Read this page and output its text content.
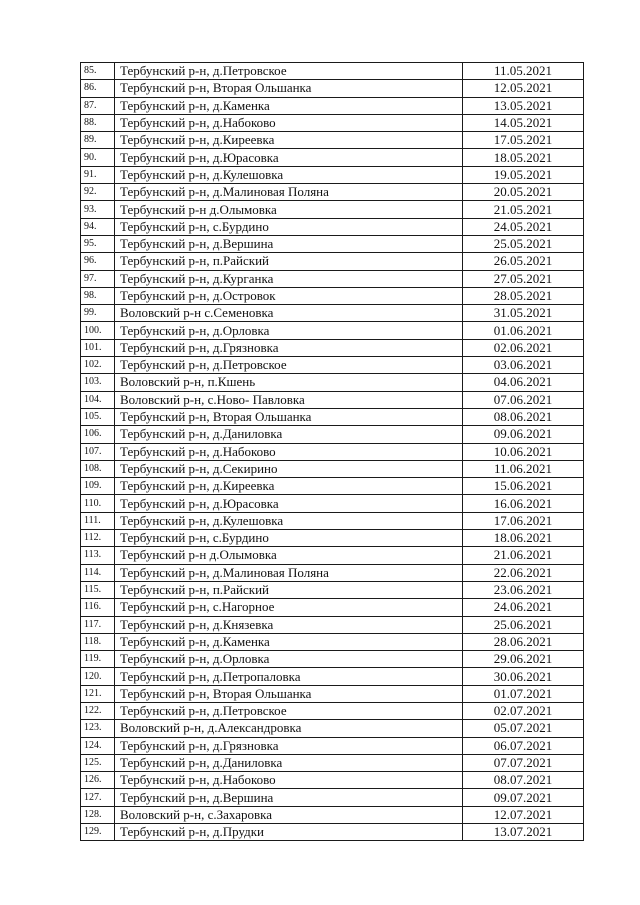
85.	Тербунский р-н, д.Петровское	11.05.2021
86.	Тербунский р-н, Вторая Ольшанка	12.05.2021
87.	Тербунский р-н, д.Каменка	13.05.2021
88.	Тербунский р-н, д.Набоково	14.05.2021
89.	Тербунский р-н, д.Киреевка	17.05.2021
90.	Тербунский р-н, д.Юрасовка	18.05.2021
91.	Тербунский р-н, д.Кулешовка	19.05.2021
92.	Тербунский р-н, д.Малиновая Поляна	20.05.2021
93.	Тербунский р-н д.Олымовка	21.05.2021
94.	Тербунский р-н, с.Бурдино	24.05.2021
95.	Тербунский р-н, д.Вершина	25.05.2021
96.	Тербунский р-н, п.Райский	26.05.2021
97.	Тербунский р-н, д.Курганка	27.05.2021
98.	Тербунский р-н, д.Островок	28.05.2021
99.	Воловский р-н с.Семеновка	31.05.2021
100.	Тербунский р-н, д.Орловка	01.06.2021
101.	Тербунский р-н, д.Грязновка	02.06.2021
102.	Тербунский р-н, д.Петровское	03.06.2021
103.	Воловский р-н, п.Кшень	04.06.2021
104.	Воловский р-н, с.Ново- Павловка	07.06.2021
105.	Тербунский р-н, Вторая Ольшанка	08.06.2021
106.	Тербунский р-н, д.Даниловка	09.06.2021
107.	Тербунский р-н, д.Набоково	10.06.2021
108.	Тербунский р-н, д.Секирино	11.06.2021
109.	Тербунский р-н, д.Киреевка	15.06.2021
110.	Тербунский р-н, д.Юрасовка	16.06.2021
111.	Тербунский р-н, д.Кулешовка	17.06.2021
112.	Тербунский р-н, с.Бурдино	18.06.2021
113.	Тербунский р-н д.Олымовка	21.06.2021
114.	Тербунский р-н, д.Малиновая Поляна	22.06.2021
115.	Тербунский р-н, п.Райский	23.06.2021
116.	Тербунский р-н, с.Нагорное	24.06.2021
117.	Тербунский р-н, д.Князевка	25.06.2021
118.	Тербунский р-н, д.Каменка	28.06.2021
119.	Тербунский р-н, д.Орловка	29.06.2021
120.	Тербунский р-н, д.Петропаловка	30.06.2021
121.	Тербунский р-н, Вторая Ольшанка	01.07.2021
122.	Тербунский р-н, д.Петровское	02.07.2021
123.	Воловский р-н, д.Александровка	05.07.2021
124.	Тербунский р-н, д.Грязновка	06.07.2021
125.	Тербунский р-н, д.Даниловка	07.07.2021
126.	Тербунский р-н, д.Набоково	08.07.2021
127.	Тербунский р-н, д.Вершина	09.07.2021
128.	Воловский р-н, с.Захаровка	12.07.2021
129.	Тербунский р-н, д.Прудки	13.07.2021
